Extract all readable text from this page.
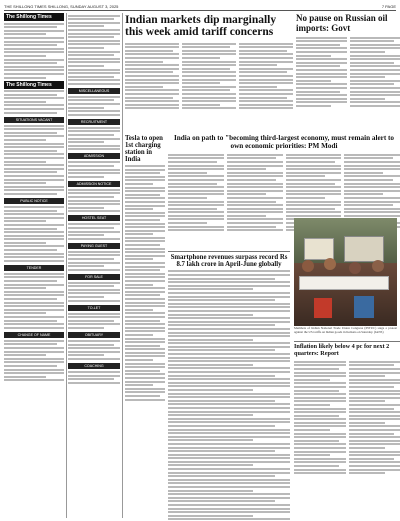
THE SHILLONG TIMES SHILLONG, SUNDAY AUGUST 3, 2025	7 PAGE
The Shillong Times
The Shillong Times
SITUATIONS VACANT
PUBLIC NOTICE
TENDER
CHANGE OF NAME
MISCELLANEOUS
RECRUITMENT
ADMISSION
ADMISSION NOTICE
HOSTEL SEAT
PAYING GUEST
FOR SALE
TO-LET
OBITUARY
COACHING
Indian markets dip marginally this week amid tariff concerns
Tesla to open 1st charging station in India
India on path to "becoming third-largest economy, must remain alert to own economic priorities: PM Modi
Smartphone revenues surpass record Rs 8.7 lakh crore in April-June globally
Members of Indian National Trade Union Congress (INTUC) stage a protest against the US tariffs on Indian goods in Kolkata on Saturday. (IANS)
No pause on Russian oil imports: Govt
Inflation likely below 4 pc for next 2 quarters: Report
